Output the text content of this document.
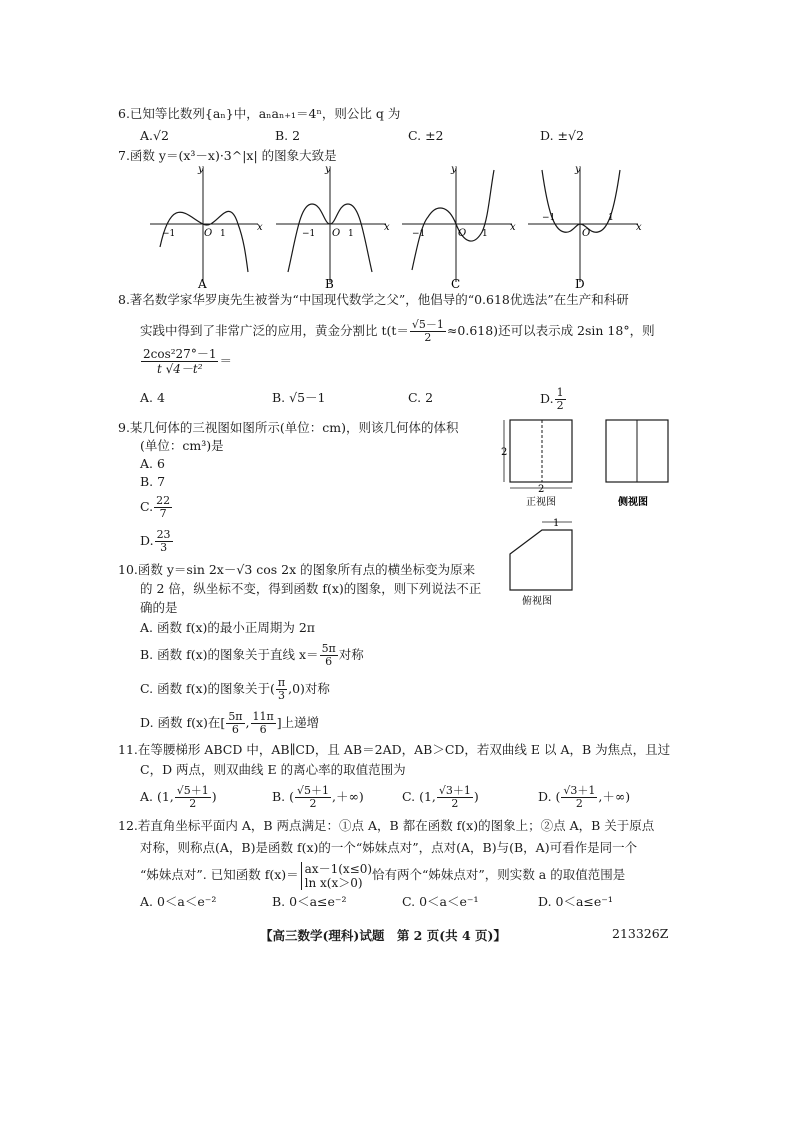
6.已知等比数列{aₙ}中，aₙaₙ₊₁＝4ⁿ，则公比 q 为
A.√2	B. 2	C. ±2	D. ±√2
7.函数 y＝(x³－x)·3^|x| 的图象大致是
y
x
O
−1	1
A
y
x
O
−1	1
B
y
x
O
−1	1
C
y
x
O
−1	1
D
8.著名数学家华罗庚先生被誉为“中国现代数学之父”，他倡导的“0.618优选法”在生产和科研
实践中得到了非常广泛的应用，黄金分割比 $t(t= \frac{√5-1}{2} \approx 0.618)$还可以表示成 2sin 18°，则
$\frac{\text{2cos²27°－1}}{\text{t √4－t²}}$ ＝
A. 4	B. √5－1	C. 2	D. $\frac{1}{2}$
9.某几何体的三视图如图所示(单位：cm)，则该几何体的体积
(单位：cm³)是
A. 6
B. 7
C. $\frac{22}{7}$
D. $\frac{23}{3}$
2
2
正视图	侧视图
1
俯视图
10.函数 y＝sin 2x－√3 cos 2x 的图象所有点的横坐标变为原来
的 2 倍，纵坐标不变，得到函数 f(x)的图象，则下列说法不正
确的是
A. 函数 f(x)的最小正周期为 2π
B. 函数 f(x)的图象关于直线 $x= \frac{5\pi}{6}$ 对称
C. 函数 f(x)的图象关于( $\frac{\pi}{3} ,0$)对称
D. 函数 f(x)在[ $\frac{5\pi}{6}$ , $\frac{11\pi}{6}$ ]上递增
11.在等腰梯形 ABCD 中，AB∥CD，且 AB＝2AD，AB＞CD，若双曲线 E 以 A，B 为焦点，且过
C，D 两点，则双曲线 E 的离心率的取值范围为
A. (1, $\frac{√5+1}{2}$ )	B. ( $\frac{√5+1}{2}$ ,＋∞)	C. (1, $\frac{√3+1}{2}$ )	D. ( $\frac{√3+1}{2}$ ,＋∞)
12.若直角坐标平面内 A，B 两点满足：①点 A，B 都在函数 f(x)的图象上；②点 A，B 关于原点
对称，则称点(A，B)是函数 f(x)的一个“姊妹点对”，点对(A，B)与(B，A)可看作是同一个
“姊妹点对”. 已知函数 f(x)＝ ax－1(x≤0)
ln x(x＞0)
恰有两个“姊妹点对”，则实数 a 的取值范围是
A. 0＜a＜e⁻²	B. 0＜a≤e⁻²	C. 0＜a＜e⁻¹	D. 0＜a≤e⁻¹
【高三数学(理科)试题　第 2 页(共 4 页)】	213326Z
